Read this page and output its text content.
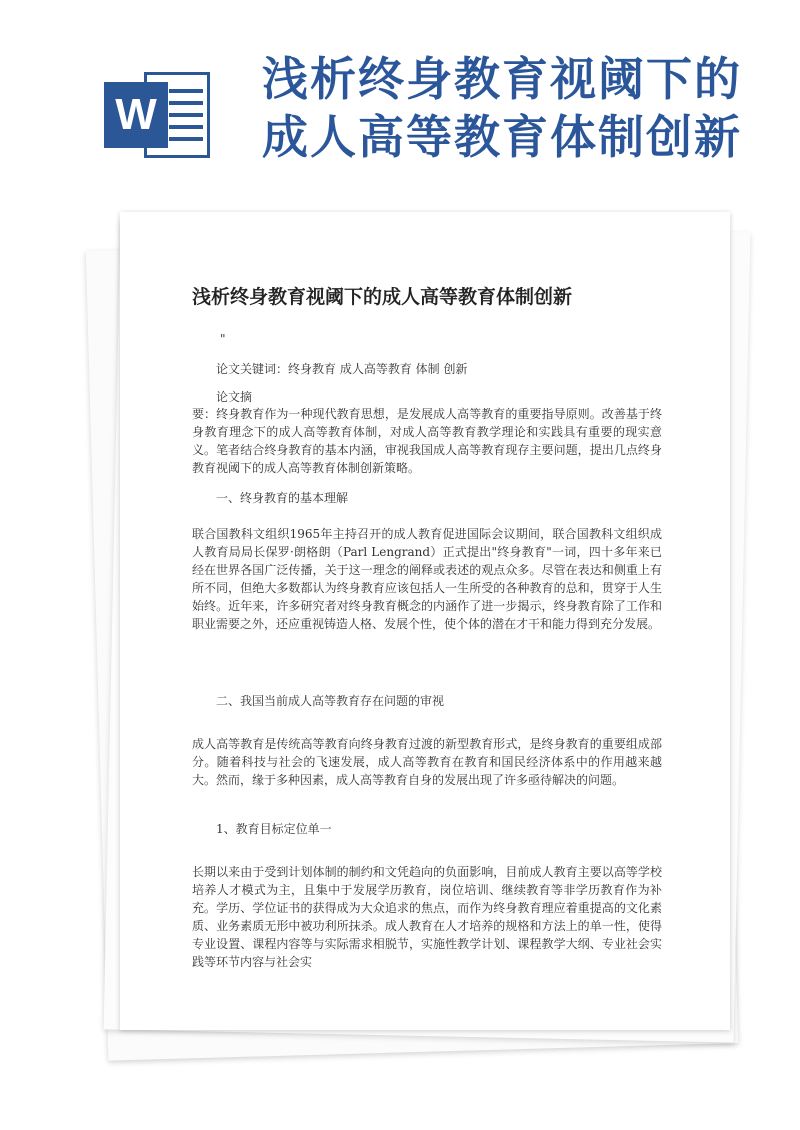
W
浅析终身教育视阈下的
成人高等教育体制创新
浅析终身教育视阈下的成人高等教育体制创新
"
论文关键词：终身教育 成人高等教育 体制 创新
论文摘
要：终身教育作为一种现代教育思想，是发展成人高等教育的重要指导原则。改善基于终身教育理念下的成人高等教育体制，对成人高等教育教学理论和实践具有重要的现实意义。笔者结合终身教育的基本内涵，审视我国成人高等教育现存主要问题，提出几点终身教育视阈下的成人高等教育体制创新策略。
一、终身教育的基本理解
联合国教科文组织1965年主持召开的成人教育促进国际会议期间，联合国教科文组织成人教育局局长保罗·朗格朗（Parl Lengrand）正式提出"终身教育"一词，四十多年来已经在世界各国广泛传播，关于这一理念的阐释或表述的观点众多。尽管在表达和侧重上有所不同，但绝大多数都认为终身教育应该包括人一生所受的各种教育的总和，贯穿于人生始终。近年来，许多研究者对终身教育概念的内涵作了进一步揭示，终身教育除了工作和职业需要之外，还应重视铸造人格、发展个性，使个体的潜在才干和能力得到充分发展。
二、我国当前成人高等教育存在问题的审视
成人高等教育是传统高等教育向终身教育过渡的新型教育形式，是终身教育的重要组成部分。随着科技与社会的飞速发展，成人高等教育在教育和国民经济体系中的作用越来越大。然而，缘于多种因素，成人高等教育自身的发展出现了许多亟待解决的问题。
1、教育目标定位单一
长期以来由于受到计划体制的制约和文凭趋向的负面影响，目前成人教育主要以高等学校培养人才模式为主，且集中于发展学历教育，岗位培训、继续教育等非学历教育作为补充。学历、学位证书的获得成为大众追求的焦点，而作为终身教育理应着重提高的文化素质、业务素质无形中被功利所抹杀。成人教育在人才培养的规格和方法上的单一性，使得专业设置、课程内容等与实际需求相脱节，实施性教学计划、课程教学大纲、专业社会实践等环节内容与社会实
